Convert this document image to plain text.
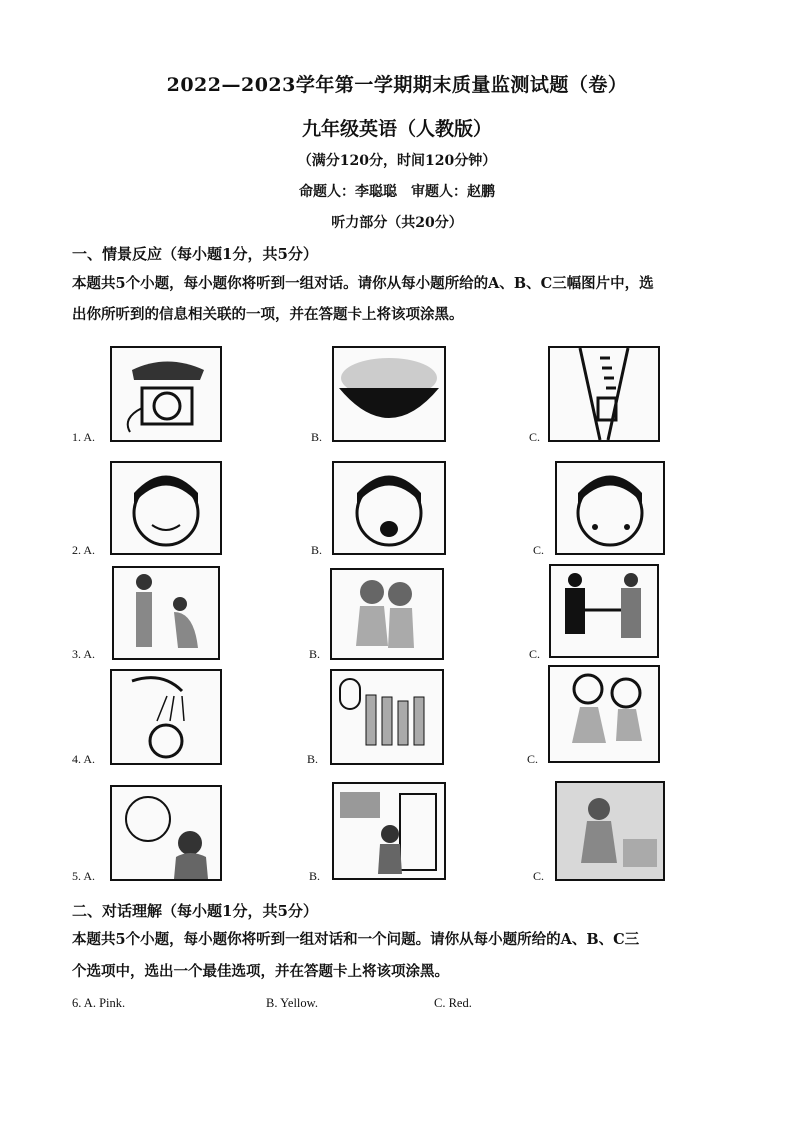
2022—2023学年第一学期期末质量监测试题（卷）
九年级英语（人教版）
（满分120分，时间120分钟）
命题人：李聪聪　审题人：赵鹏
听力部分（共20分）
一、情景反应（每小题1分，共5分）
本题共5个小题，每小题你将听到一组对话。请你从每小题所给的A、B、C三幅图片中，选
出你所听到的信息相关联的一项，并在答题卡上将该项涂黑。
1. A.	B.	C.
2. A.	B.	C.
3. A.	B.	C.
4. A.	B.	C.
5. A.	B.	C.
二、对话理解（每小题1分，共5分）
本题共5个小题，每小题你将听到一组对话和一个问题。请你从每小题所给的A、B、C三
个选项中，选出一个最佳选项，并在答题卡上将该项涂黑。
6. A. Pink.	B. Yellow.	C. Red.
